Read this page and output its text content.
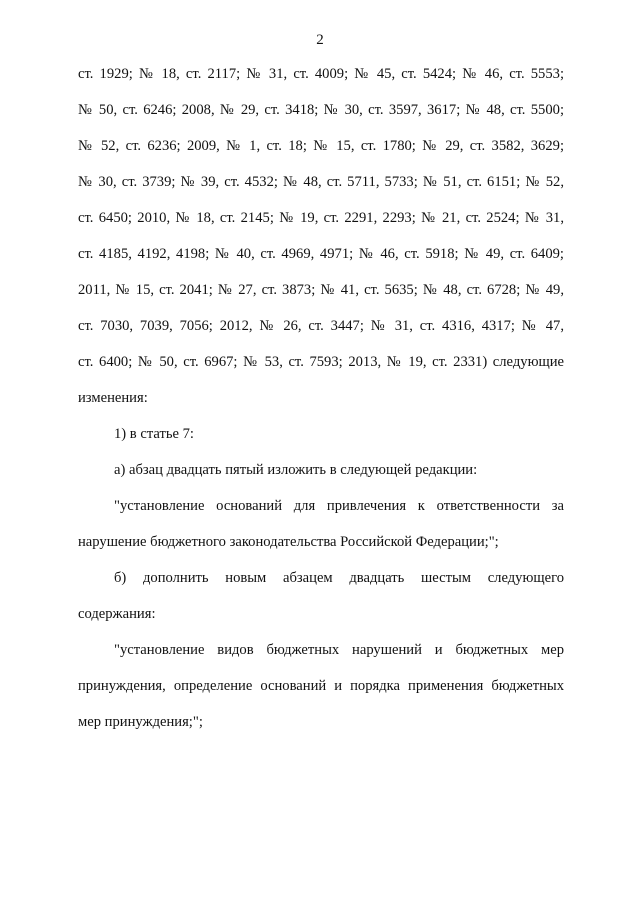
2
ст. 1929; № 18, ст. 2117; № 31, ст. 4009; № 45, ст. 5424; № 46, ст. 5553;
№ 50, ст. 6246; 2008, № 29, ст. 3418; № 30, ст. 3597, 3617; № 48, ст. 5500;
№ 52, ст. 6236; 2009, № 1, ст. 18; № 15, ст. 1780; № 29, ст. 3582, 3629;
№ 30, ст. 3739; № 39, ст. 4532; № 48, ст. 5711, 5733; № 51, ст. 6151; № 52,
ст. 6450; 2010, № 18, ст. 2145; № 19, ст. 2291, 2293; № 21, ст. 2524; № 31,
ст. 4185, 4192, 4198; № 40, ст. 4969, 4971; № 46, ст. 5918; № 49, ст. 6409;
2011, № 15, ст. 2041; № 27, ст. 3873; № 41, ст. 5635; № 48, ст. 6728; № 49,
ст. 7030, 7039, 7056; 2012, № 26, ст. 3447; № 31, ст. 4316, 4317; № 47,
ст. 6400; № 50, ст. 6967; № 53, ст. 7593; 2013, № 19, ст. 2331) следующие
изменения:
1) в статье 7:
а) абзац двадцать пятый изложить в следующей редакции:
"установление оснований для привлечения к ответственности за
нарушение бюджетного законодательства Российской Федерации;";
б) дополнить новым абзацем двадцать шестым следующего
содержания:
"установление видов бюджетных нарушений и бюджетных мер
принуждения, определение оснований и порядка применения бюджетных
мер принуждения;";
